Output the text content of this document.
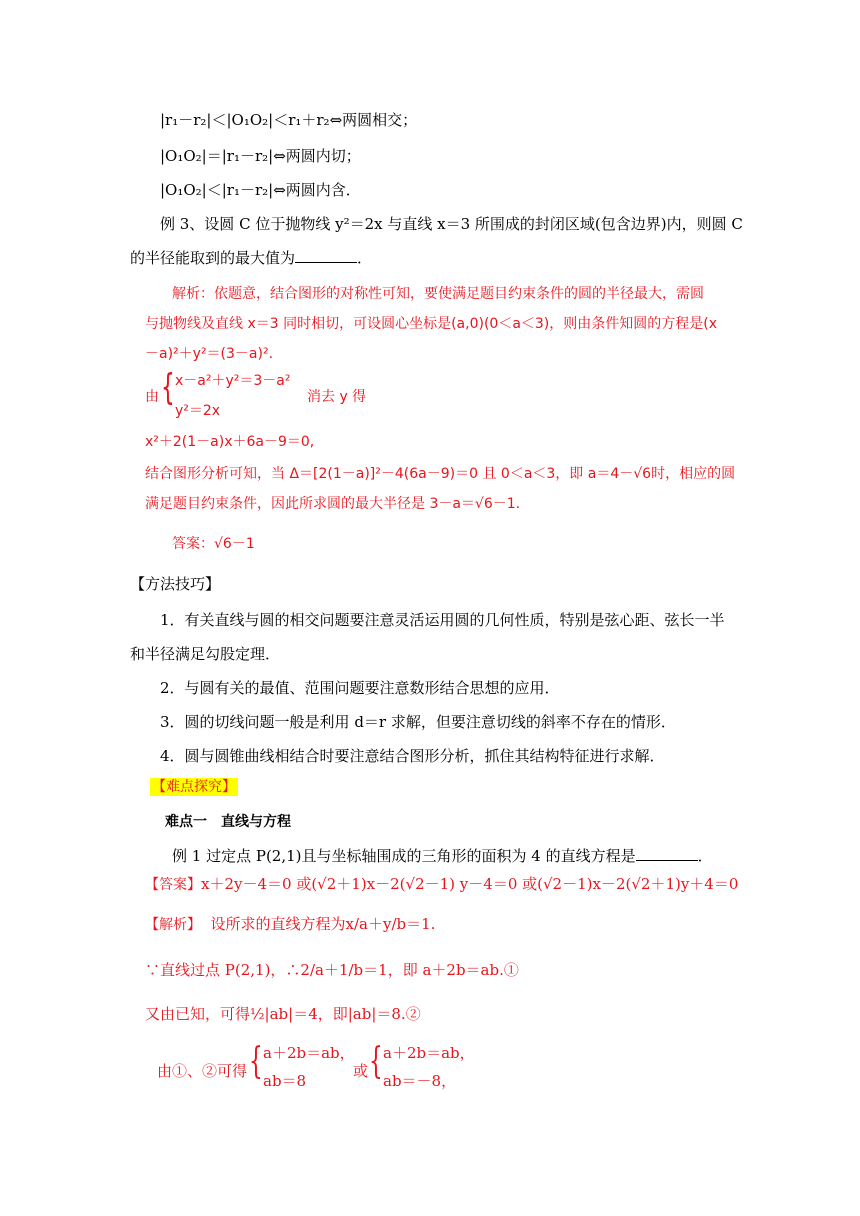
|r₁－r₂|＜|O₁O₂|＜r₁＋r₂⇔两圆相交；
|O₁O₂|＝|r₁－r₂|⇔两圆内切；
|O₁O₂|＜|r₁－r₂|⇔两圆内含．
例 3、设圆 C 位于抛物线 y²＝2x 与直线 x＝3 所围成的封闭区域(包含边界)内，则圆 C
的半径能取到的最大值为	．
解析：依题意，结合图形的对称性可知，要使满足题目约束条件的圆的半径最大，需圆
与抛物线及直线 x＝3 同时相切，可设圆心坐标是(a,0)(0＜a＜3)，则由条件知圆的方程是(x
－a)²＋y²＝(3－a)².
由 { x－a²＋y²＝3－a²
y²＝2x
消去 y 得
x²＋2(1－a)x＋6a－9＝0,
结合图形分析可知，当 Δ＝[2(1－a)]²－4(6a－9)＝0 且 0＜a＜3，即 a＝4－√6时，相应的圆
满足题目约束条件，因此所求圆的最大半径是 3－a＝√6－1.
答案：√6－1
【方法技巧】
1．有关直线与圆的相交问题要注意灵活运用圆的几何性质，特别是弦心距、弦长一半
和半径满足勾股定理．
2．与圆有关的最值、范围问题要注意数形结合思想的应用．
3．圆的切线问题一般是利用 d＝r 求解，但要注意切线的斜率不存在的情形．
4．圆与圆锥曲线相结合时要注意结合图形分析，抓住其结构特征进行求解．
【难点探究】
难点一　直线与方程
例 1 过定点 P(2,1)且与坐标轴围成的三角形的面积为 4 的直线方程是	．
【答案】x＋2y－4＝0 或(√2＋1)x－2(√2－1) y－4＝0 或(√2－1)x－2(√2＋1)y＋4＝0
【解析】 设所求的直线方程为x/a＋y/b＝1.
∵直线过点 P(2,1)，∴2/a＋1/b＝1，即 a＋2b＝ab.①
又由已知，可得½|ab|＝4，即|ab|＝8.②
由①、②可得 { a＋2b＝ab，
ab＝8
或 { a＋2b＝ab，
ab＝－8，
